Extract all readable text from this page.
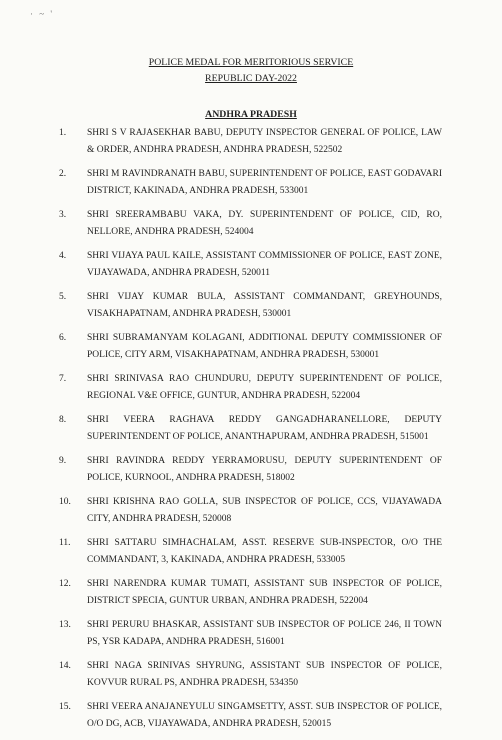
· ~ '
POLICE MEDAL FOR MERITORIOUS SERVICE
REPUBLIC DAY-2022
ANDHRA PRADESH
1. SHRI S V RAJASEKHAR BABU, DEPUTY INSPECTOR GENERAL OF POLICE, LAW & ORDER, ANDHRA PRADESH, ANDHRA PRADESH, 522502
2. SHRI M RAVINDRANATH BABU, SUPERINTENDENT OF POLICE, EAST GODAVARI DISTRICT, KAKINADA, ANDHRA PRADESH, 533001
3. SHRI SREERAMBABU VAKA, DY. SUPERINTENDENT OF POLICE, CID, RO, NELLORE, ANDHRA PRADESH, 524004
4. SHRI VIJAYA PAUL KAILE, ASSISTANT COMMISSIONER OF POLICE, EAST ZONE, VIJAYAWADA, ANDHRA PRADESH, 520011
5. SHRI VIJAY KUMAR BULA, ASSISTANT COMMANDANT, GREYHOUNDS, VISAKHAPATNAM, ANDHRA PRADESH, 530001
6. SHRI SUBRAMANYAM KOLAGANI, ADDITIONAL DEPUTY COMMISSIONER OF POLICE, CITY ARM, VISAKHAPATNAM, ANDHRA PRADESH, 530001
7. SHRI SRINIVASA RAO CHUNDURU, DEPUTY SUPERINTENDENT OF POLICE, REGIONAL V&E OFFICE, GUNTUR, ANDHRA PRADESH, 522004
8. SHRI VEERA RAGHAVA REDDY GANGADHARANELLORE, DEPUTY SUPERINTENDENT OF POLICE, ANANTHAPURAM, ANDHRA PRADESH, 515001
9. SHRI RAVINDRA REDDY YERRAMORUSU, DEPUTY SUPERINTENDENT OF POLICE, KURNOOL, ANDHRA PRADESH, 518002
10. SHRI KRISHNA RAO GOLLA, SUB INSPECTOR OF POLICE, CCS, VIJAYAWADA CITY, ANDHRA PRADESH, 520008
11. SHRI SATTARU SIMHACHALAM, ASST. RESERVE SUB-INSPECTOR, O/O THE COMMANDANT, 3, KAKINADA, ANDHRA PRADESH, 533005
12. SHRI NARENDRA KUMAR TUMATI, ASSISTANT SUB INSPECTOR OF POLICE, DISTRICT SPECIA, GUNTUR URBAN, ANDHRA PRADESH, 522004
13. SHRI PERURU BHASKAR, ASSISTANT SUB INSPECTOR OF POLICE 246, II TOWN PS, YSR KADAPA, ANDHRA PRADESH, 516001
14. SHRI NAGA SRINIVAS SHYRUNG, ASSISTANT SUB INSPECTOR OF POLICE, KOVVUR RURAL PS, ANDHRA PRADESH, 534350
15. SHRI VEERA ANAJANEYULU SINGAMSETTY, ASST. SUB INSPECTOR OF POLICE, O/O DG, ACB, VIJAYAWADA, ANDHRA PRADESH, 520015
